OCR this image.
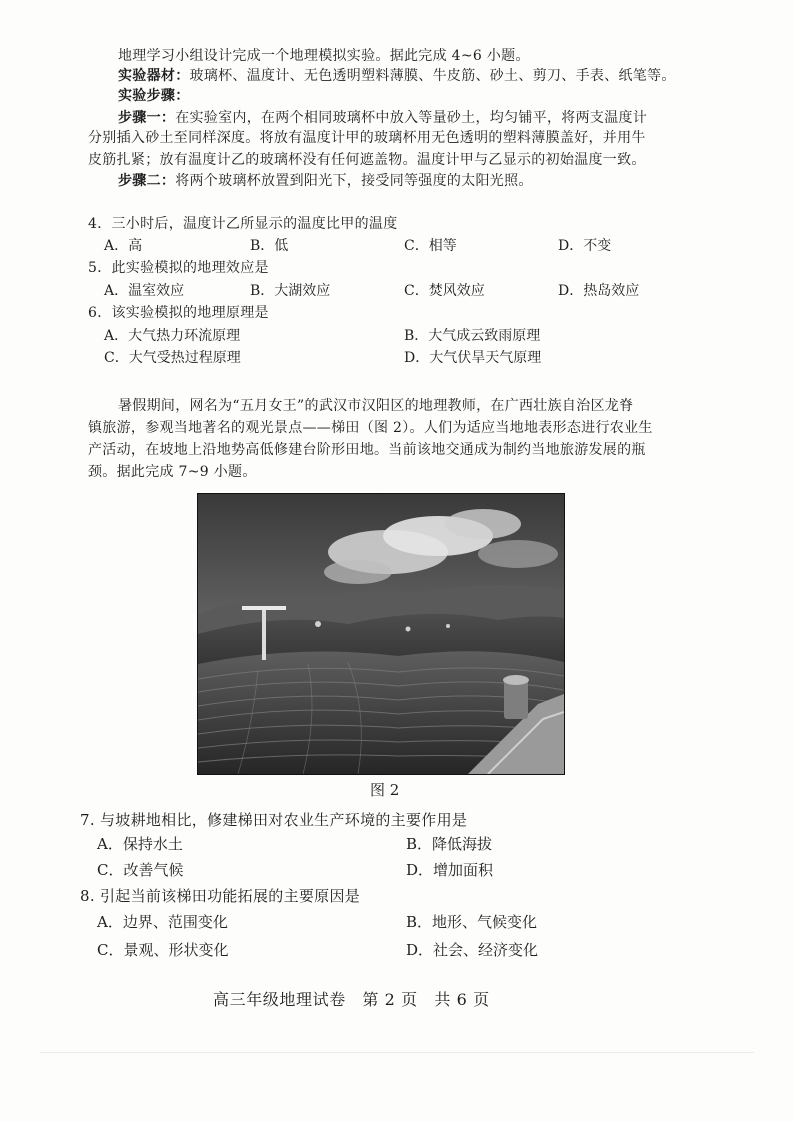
地理学习小组设计完成一个地理模拟实验。据此完成 4~6 小题。
实验器材：玻璃杯、温度计、无色透明塑料薄膜、牛皮筋、砂土、剪刀、手表、纸笔等。
实验步骤：
步骤一：在实验室内，在两个相同玻璃杯中放入等量砂土，均匀铺平，将两支温度计
分别插入砂土至同样深度。将放有温度计甲的玻璃杯用无色透明的塑料薄膜盖好，并用牛
皮筋扎紧；放有温度计乙的玻璃杯没有任何遮盖物。温度计甲与乙显示的初始温度一致。
步骤二：将两个玻璃杯放置到阳光下，接受同等强度的太阳光照。
4．三小时后，温度计乙所显示的温度比甲的温度
A．高	B．低	C．相等	D．不变
5．此实验模拟的地理效应是
A．温室效应	B．大湖效应	C．焚风效应	D．热岛效应
6．该实验模拟的地理原理是
A．大气热力环流原理	B．大气成云致雨原理
C．大气受热过程原理	D．大气伏旱天气原理
暑假期间，网名为“五月女王”的武汉市汉阳区的地理教师，在广西壮族自治区龙脊
镇旅游，参观当地著名的观光景点——梯田（图 2）。人们为适应当地地表形态进行农业生
产活动，在坡地上沿地势高低修建台阶形田地。当前该地交通成为制约当地旅游发展的瓶
颈。据此完成 7~9 小题。
图 2
7. 与坡耕地相比，修建梯田对农业生产环境的主要作用是
A．保持水土	B．降低海拔
C．改善气候	D．增加面积
8. 引起当前该梯田功能拓展的主要原因是
A．边界、范围变化	B．地形、气候变化
C．景观、形状变化	D．社会、经济变化
高三年级地理试卷　第 2 页　共 6 页
